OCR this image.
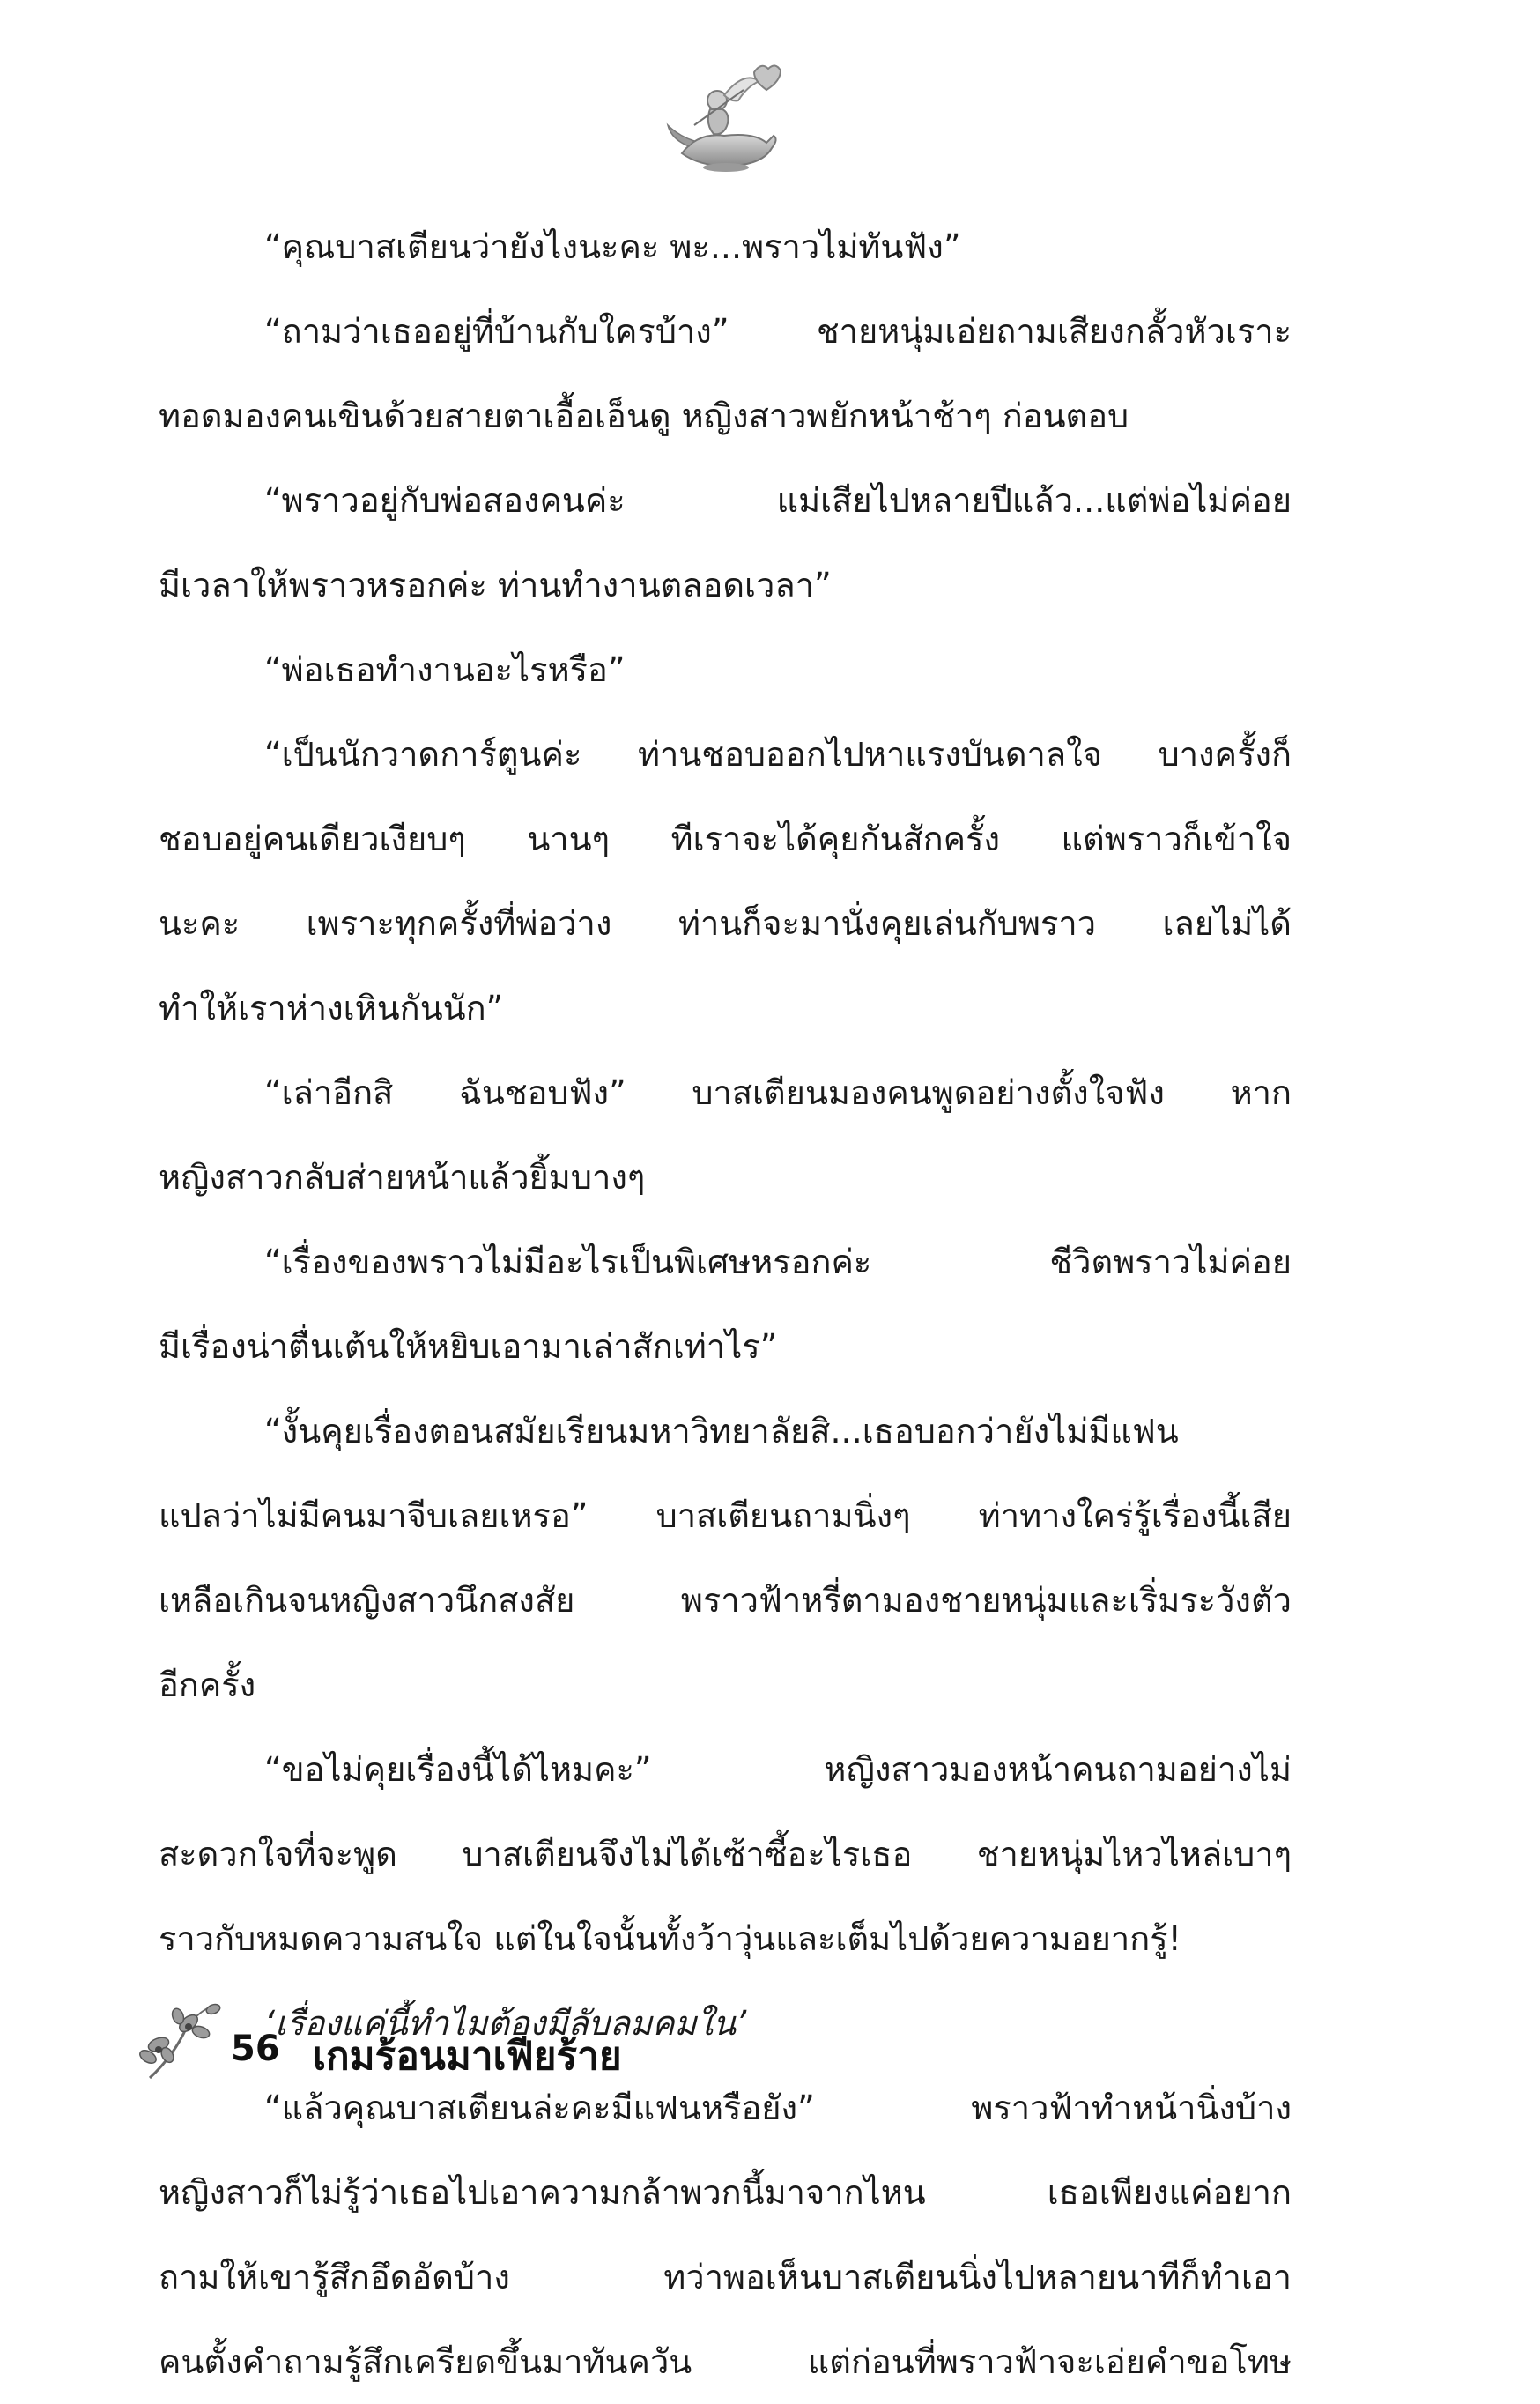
“คุณบาสเตียนว่ายังไงนะคะ พะ...พราวไม่ทันฟัง”
“ถามว่าเธออยู่ที่บ้านกับใครบ้าง” ชายหนุ่มเอ่ยถามเสียงกลั้วหัวเราะ
ทอดมองคนเขินด้วยสายตาเอื้อเอ็นดู หญิงสาวพยักหน้าช้าๆ ก่อนตอบ
“พราวอยู่กับพ่อสองคนค่ะ แม่เสียไปหลายปีแล้ว...แต่พ่อไม่ค่อย
มีเวลาให้พราวหรอกค่ะ ท่านทำงานตลอดเวลา”
“พ่อเธอทำงานอะไรหรือ”
“เป็นนักวาดการ์ตูนค่ะ ท่านชอบออกไปหาแรงบันดาลใจ บางครั้งก็
ชอบอยู่คนเดียวเงียบๆ นานๆ ทีเราจะได้คุยกันสักครั้ง แต่พราวก็เข้าใจ
นะคะ เพราะทุกครั้งที่พ่อว่าง ท่านก็จะมานั่งคุยเล่นกับพราว เลยไม่ได้
ทำให้เราห่างเหินกันนัก”
“เล่าอีกสิ ฉันชอบฟัง” บาสเตียนมองคนพูดอย่างตั้งใจฟัง หาก
หญิงสาวกลับส่ายหน้าแล้วยิ้มบางๆ
“เรื่องของพราวไม่มีอะไรเป็นพิเศษหรอกค่ะ ชีวิตพราวไม่ค่อย
มีเรื่องน่าตื่นเต้นให้หยิบเอามาเล่าสักเท่าไร”
“งั้นคุยเรื่องตอนสมัยเรียนมหาวิทยาลัยสิ...เธอบอกว่ายังไม่มีแฟน
แปลว่าไม่มีคนมาจีบเลยเหรอ” บาสเตียนถามนิ่งๆ ท่าทางใคร่รู้เรื่องนี้เสีย
เหลือเกินจนหญิงสาวนึกสงสัย พราวฟ้าหรี่ตามองชายหนุ่มและเริ่มระวังตัว
อีกครั้ง
“ขอไม่คุยเรื่องนี้ได้ไหมคะ” หญิงสาวมองหน้าคนถามอย่างไม่
สะดวกใจที่จะพูด บาสเตียนจึงไม่ได้เซ้าซี้อะไรเธอ ชายหนุ่มไหวไหล่เบาๆ
ราวกับหมดความสนใจ แต่ในใจนั้นทั้งว้าวุ่นและเต็มไปด้วยความอยากรู้!
‘เรื่องแค่นี้ทำไมต้องมีลับลมคมใน’
“แล้วคุณบาสเตียนล่ะคะมีแฟนหรือยัง” พราวฟ้าทำหน้านิ่งบ้าง
หญิงสาวก็ไม่รู้ว่าเธอไปเอาความกล้าพวกนี้มาจากไหน เธอเพียงแค่อยาก
ถามให้เขารู้สึกอึดอัดบ้าง ทว่าพอเห็นบาสเตียนนิ่งไปหลายนาทีก็ทำเอา
คนตั้งคำถามรู้สึกเครียดขึ้นมาทันควัน แต่ก่อนที่พราวฟ้าจะเอ่ยคำขอโทษ
56 เกมร้อนมาเฟียร้าย
